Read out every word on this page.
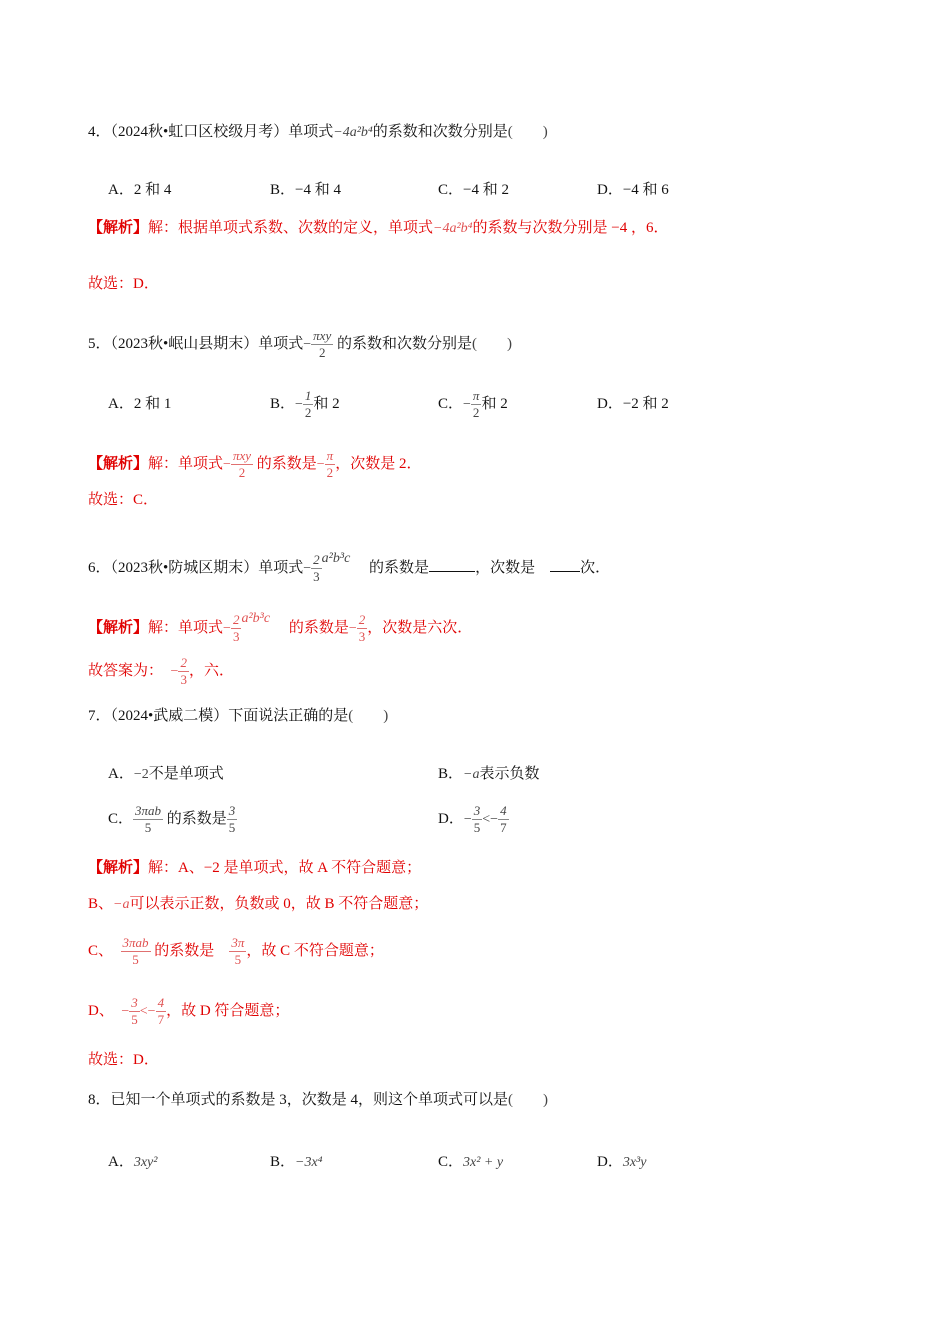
4．（2024秋•虹口区校级月考）单项式−4a²b⁴的系数和次数分别是(　　)
A．2 和 4	B．−4 和 4	C．−4 和 2	D．−4 和 6
【解析】解：根据单项式系数、次数的定义，单项式−4a²b⁴的系数与次数分别是 −4 ，6．
故选：D．
5．（2023秋•岷山县期末）单项式− $\frac{\text{πxy}}{2}$ 的系数和次数分别是(　　)
A．2 和 1	B．− $\frac{1}{2}$ 和 2	C．− $\frac{\pi}{2}$ 和 2	D．−2 和 2
【解析】解：单项式− $\frac{\text{πxy}}{2}$ 的系数是− $\frac{\pi}{2}$ ，次数是 2．
故选：C．
6．（2023秋•防城区期末）单项式− $\frac{2}{3} a^2b^3c$ 　的系数是	，次数是　	次．
【解析】解：单项式− $\frac{2}{3} a^2b^3c$ 　的系数是− $\frac{2}{3}$ ，次数是六次．
故答案为：　 − $\frac{2}{3}$ ，六．
7．（2024•武威二模）下面说法正确的是(　　)
A．−2不是单项式	B．−a表示负数
C． $\frac{\text{3πab}}{5}$ 的系数是 $\frac{3}{5}$	D．− $\frac{3}{5} <- \frac{4}{7}$
【解析】解：A、−2 是单项式，故 A 不符合题意；
B、−a可以表示正数，负数或 0，故 B 不符合题意；
C、　 $\frac{\text{3πab}}{5}$ 的系数是　 $\frac{3\pi}{5}$ ，故 C 不符合题意；
D、　 − $\frac{3}{5} <- \frac{4}{7}$ ，故 D 符合题意；
故选：D．
8．已知一个单项式的系数是 3，次数是 4，则这个单项式可以是(　　)
A．3xy²	B．−3x⁴	C．3x² + y	D．3x³y
